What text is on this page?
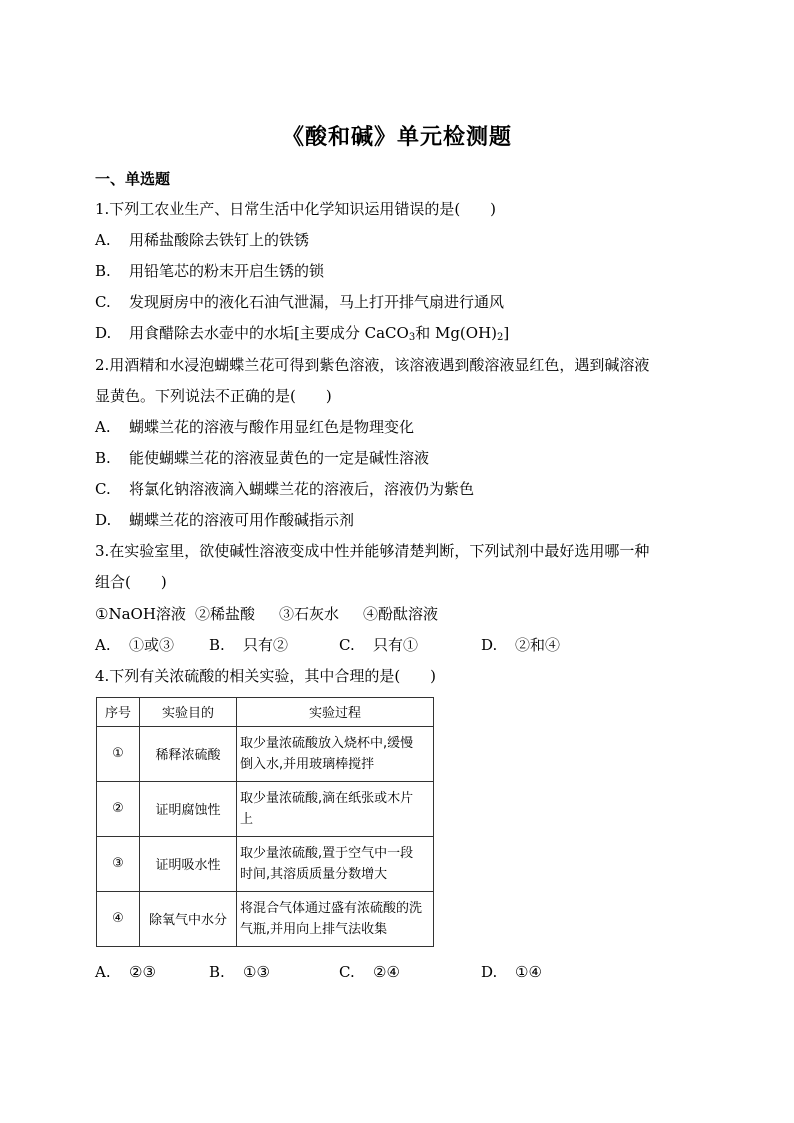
《酸和碱》单元检测题
一、单选题
1.下列工农业生产、日常生活中化学知识运用错误的是(　　)
A. 用稀盐酸除去铁钉上的铁锈
B. 用铅笔芯的粉末开启生锈的锁
C. 发现厨房中的液化石油气泄漏，马上打开排气扇进行通风
D. 用食醋除去水壶中的水垢[主要成分 CaCO$_3$和 $Mg(OH)_2$]
2.用酒精和水浸泡蝴蝶兰花可得到紫色溶液，该溶液遇到酸溶液显红色，遇到碱溶液
显黄色。下列说法不正确的是(　　)
A. 蝴蝶兰花的溶液与酸作用显红色是物理变化
B. 能使蝴蝶兰花的溶液显黄色的一定是碱性溶液
C. 将氯化钠溶液滴入蝴蝶兰花的溶液后，溶液仍为紫色
D. 蝴蝶兰花的溶液可用作酸碱指示剂
3.在实验室里，欲使碱性溶液变成中性并能够清楚判断，下列试剂中最好选用哪一种
组合(　　)
①NaOH溶液 ②稀盐酸 ③石灰水 ④酚酞溶液
A. ①或③ B. 只有②	C. 只有①	D. ②和④
4.下列有关浓硫酸的相关实验，其中合理的是(　　)
序号	实验目的	实验过程
①	稀释浓硫酸	取少量浓硫酸放入烧杯中,缓慢
倒入水,并用玻璃棒搅拌
②	证明腐蚀性	取少量浓硫酸,滴在纸张或木片
上
③	证明吸水性	取少量浓硫酸,置于空气中一段
时间,其溶质质量分数增大
④	除氧气中水分	将混合气体通过盛有浓硫酸的洗
气瓶,并用向上排气法收集
A. ②③	B. ①③	C. ②④	D. ①④
